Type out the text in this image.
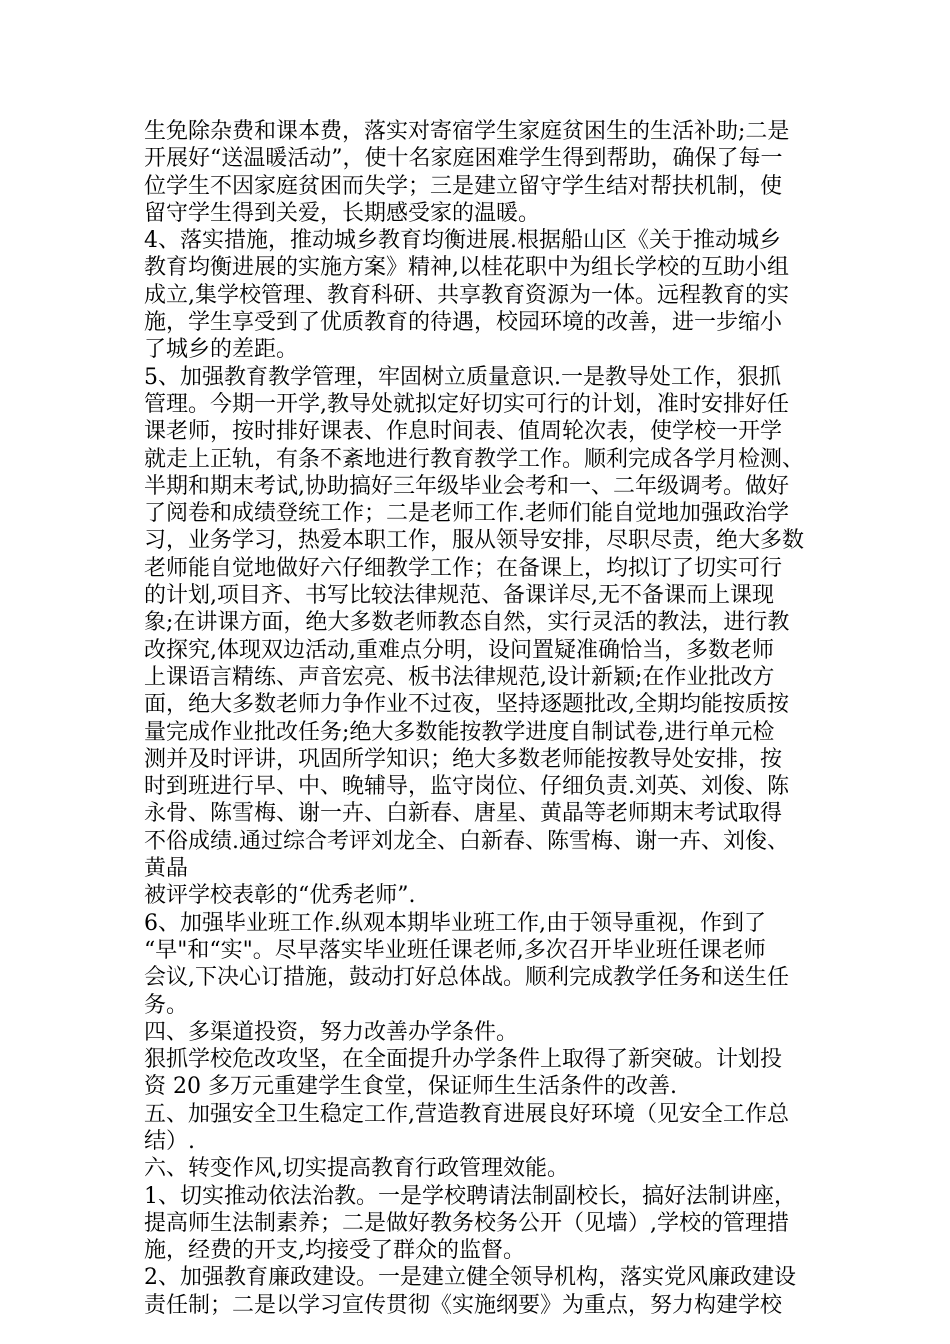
生免除杂费和课本费，落实对寄宿学生家庭贫困生的生活补助;二是
开展好“送温暖活动”，使十名家庭困难学生得到帮助，确保了每一
位学生不因家庭贫困而失学；三是建立留守学生结对帮扶机制，使
留守学生得到关爱，长期感受家的温暖。
4、落实措施，推动城乡教育均衡进展.根据船山区《关于推动城乡
教育均衡进展的实施方案》精神,以桂花职中为组长学校的互助小组
成立,集学校管理、教育科研、共享教育资源为一体。远程教育的实
施，学生享受到了优质教育的待遇，校园环境的改善，进一步缩小
了城乡的差距。
5、加强教育教学管理，牢固树立质量意识.一是教导处工作，狠抓
管理。今期一开学,教导处就拟定好切实可行的计划，准时安排好任
课老师，按时排好课表、作息时间表、值周轮次表，使学校一开学
就走上正轨，有条不紊地进行教育教学工作。顺利完成各学月检测、
半期和期末考试,协助搞好三年级毕业会考和一、二年级调考。做好
了阅卷和成绩登统工作；二是老师工作.老师们能自觉地加强政治学
习，业务学习，热爱本职工作，服从领导安排，尽职尽责，绝大多数
老师能自觉地做好六仔细教学工作；在备课上，均拟订了切实可行
的计划,项目齐、书写比较法律规范、备课详尽,无不备课而上课现
象;在讲课方面，绝大多数老师教态自然，实行灵活的教法，进行教
改探究,体现双边活动,重难点分明，设问置疑准确恰当，多数老师
上课语言精练、声音宏亮、板书法律规范,设计新颖;在作业批改方
面，绝大多数老师力争作业不过夜，坚持逐题批改,全期均能按质按
量完成作业批改任务;绝大多数能按教学进度自制试卷,进行单元检
测并及时评讲，巩固所学知识；绝大多数老师能按教导处安排，按
时到班进行早、中、晚辅导，监守岗位、仔细负责.刘英、刘俊、陈
永骨、陈雪梅、谢一卉、白新春、唐星、黄晶等老师期末考试取得
不俗成绩.通过综合考评刘龙全、白新春、陈雪梅、谢一卉、刘俊、
黄晶
被评学校表彰的“优秀老师”.
6、加强毕业班工作.纵观本期毕业班工作,由于领导重视，作到了
“早"和“实"。尽早落实毕业班任课老师,多次召开毕业班任课老师
会议,下决心订措施，鼓动打好总体战。顺利完成教学任务和送生任
务。
四、多渠道投资，努力改善办学条件。
狠抓学校危改攻坚，在全面提升办学条件上取得了新突破。计划投
资 20 多万元重建学生食堂，保证师生生活条件的改善.
五、加强安全卫生稳定工作,营造教育进展良好环境（见安全工作总
结）.
六、转变作风,切实提高教育行政管理效能。
1、切实推动依法治教。一是学校聘请法制副校长，搞好法制讲座，
提高师生法制素养；二是做好教务校务公开（见墙）,学校的管理措
施，经费的开支,均接受了群众的监督。
2、加强教育廉政建设。一是建立健全领导机构，落实党风廉政建设
责任制；二是以学习宣传贯彻《实施纲要》为重点，努力构建学校
